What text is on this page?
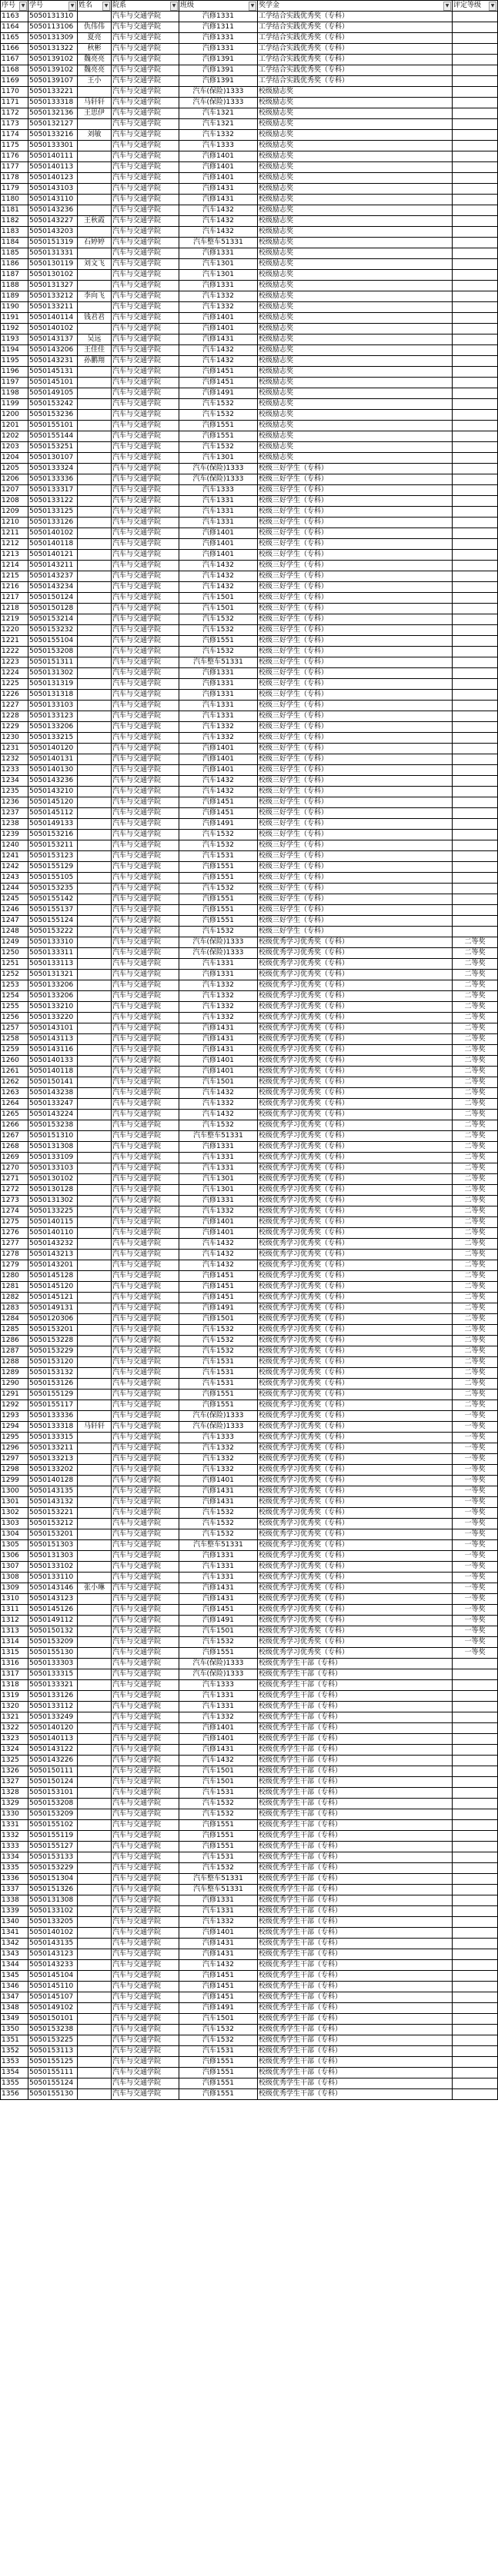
序号 ▼	学号 ▼	姓名 ▼	院系 ▼	班级 ▼	奖学金 ▼	评定等级 ▼

1163	5050131310		汽车与交通学院	汽修1331	工学结合实践优秀奖（专科）	
1164	5050113106	仇伟伟	汽车与交通学院	汽修1311	工学结合实践优秀奖（专科）	
1165	5050131309	夏亮	汽车与交通学院	汽修1331	工学结合实践优秀奖（专科）	
1166	5050131322	秋彬	汽车与交通学院	汽修1331	工学结合实践优秀奖（专科）	
1167	5050139102	魏亮亮	汽车与交通学院	汽修1391	工学结合实践优秀奖（专科）	
1168	5050139102	魏亮亮	汽车与交通学院	汽修1391	工学结合实践优秀奖（专科）	
1169	5050139107	王小	汽车与交通学院	汽修1391	工学结合实践优秀奖（专科）	
1170	5050133221		汽车与交通学院	汽车(保险)1333	校级励志奖	
1171	5050133318	马轩轩	汽车与交通学院	汽车(保险)1333	校级励志奖	
1172	5050132136	王思伊	汽车与交通学院	汽车1321	校级励志奖	
1173	5050132127		汽车与交通学院	汽车1321	校级励志奖	
1174	5050133216	刘敏	汽车与交通学院	汽车1332	校级励志奖	
1175	5050133301		汽车与交通学院	汽车1333	校级励志奖	
1176	5050140111		汽车与交通学院	汽修1401	校级励志奖	
1177	5050140113		汽车与交通学院	汽修1401	校级励志奖	
1178	5050140123		汽车与交通学院	汽修1401	校级励志奖	
1179	5050143103		汽车与交通学院	汽修1431	校级励志奖	
1180	5050143110		汽车与交通学院	汽修1431	校级励志奖	
1181	5050143236		汽车与交通学院	汽车1432	校级励志奖	
1182	5050143227	王秋霞	汽车与交通学院	汽车1432	校级励志奖	
1183	5050143203		汽车与交通学院	汽车1432	校级励志奖	
1184	5050151319	石婷婷	汽车与交通学院	汽车整车51331	校级励志奖	
1185	5050131331		汽车与交通学院	汽修1331	校级励志奖	
1186	5050130119	刘文飞	汽车与交通学院	汽车1301	校级励志奖	
1187	5050130102		汽车与交通学院	汽车1301	校级励志奖	
1188	5050131327		汽车与交通学院	汽修1331	校级励志奖	
1189	5050133212	李向飞	汽车与交通学院	汽车1332	校级励志奖	
1190	5050133211		汽车与交通学院	汽车1332	校级励志奖	
1191	5050140114	钱君君	汽车与交通学院	汽修1401	校级励志奖	
1192	5050140102		汽车与交通学院	汽修1401	校级励志奖	
1193	5050143137	吴远	汽车与交通学院	汽修1431	校级励志奖	
1194	5050143206	王佳佳	汽车与交通学院	汽车1432	校级励志奖	
1195	5050143231	孙鹏翔	汽车与交通学院	汽车1432	校级励志奖	
1196	5050145131		汽车与交通学院	汽修1451	校级励志奖	
1197	5050145101		汽车与交通学院	汽修1451	校级励志奖	
1198	5050149105		汽车与交通学院	汽修1491	校级励志奖	
1199	5050153242		汽车与交通学院	汽车1532	校级励志奖	
1200	5050153236		汽车与交通学院	汽车1532	校级励志奖	
1201	5050155101		汽车与交通学院	汽修1551	校级励志奖	
1202	5050155144		汽车与交通学院	汽修1551	校级励志奖	
1203	5050153251		汽车与交通学院	汽车1532	校级励志奖	
1204	5050130107		汽车与交通学院	汽车1301	校级励志奖	
1205	5050133324		汽车与交通学院	汽车(保险)1333	校级三好学生（专科）	
1206	5050133336		汽车与交通学院	汽车(保险)1333	校级三好学生（专科）	
1207	5050133317		汽车与交通学院	汽车1333	校级三好学生（专科）	
1208	5050133122		汽车与交通学院	汽车1331	校级三好学生（专科）	
1209	5050133125		汽车与交通学院	汽车1331	校级三好学生（专科）	
1210	5050133126		汽车与交通学院	汽车1331	校级三好学生（专科）	
1211	5050140102		汽车与交通学院	汽修1401	校级三好学生（专科）	
1212	5050140118		汽车与交通学院	汽修1401	校级三好学生（专科）	
1213	5050140121		汽车与交通学院	汽修1401	校级三好学生（专科）	
1214	5050143211		汽车与交通学院	汽车1432	校级三好学生（专科）	
1215	5050143237		汽车与交通学院	汽车1432	校级三好学生（专科）	
1216	5050143234		汽车与交通学院	汽车1432	校级三好学生（专科）	
1217	5050150124		汽车与交通学院	汽车1501	校级三好学生（专科）	
1218	5050150128		汽车与交通学院	汽车1501	校级三好学生（专科）	
1219	5050153214		汽车与交通学院	汽车1532	校级三好学生（专科）	
1220	5050153232		汽车与交通学院	汽车1532	校级三好学生（专科）	
1221	5050155104		汽车与交通学院	汽修1551	校级三好学生（专科）	
1222	5050153208		汽车与交通学院	汽车1532	校级三好学生（专科）	
1223	5050151311		汽车与交通学院	汽车整车51331	校级三好学生（专科）	
1224	5050131302		汽车与交通学院	汽修1331	校级三好学生（专科）	
1225	5050131319		汽车与交通学院	汽修1331	校级三好学生（专科）	
1226	5050131318		汽车与交通学院	汽修1331	校级三好学生（专科）	
1227	5050133103		汽车与交通学院	汽车1331	校级三好学生（专科）	
1228	5050133123		汽车与交通学院	汽车1331	校级三好学生（专科）	
1229	5050133206		汽车与交通学院	汽车1332	校级三好学生（专科）	
1230	5050133215		汽车与交通学院	汽车1332	校级三好学生（专科）	
1231	5050140120		汽车与交通学院	汽修1401	校级三好学生（专科）	
1232	5050140131		汽车与交通学院	汽修1401	校级三好学生（专科）	
1233	5050140130		汽车与交通学院	汽修1401	校级三好学生（专科）	
1234	5050143236		汽车与交通学院	汽车1432	校级三好学生（专科）	
1235	5050143210		汽车与交通学院	汽车1432	校级三好学生（专科）	
1236	5050145120		汽车与交通学院	汽修1451	校级三好学生（专科）	
1237	5050145112		汽车与交通学院	汽修1451	校级三好学生（专科）	
1238	5050149133		汽车与交通学院	汽修1491	校级三好学生（专科）	
1239	5050153216		汽车与交通学院	汽车1532	校级三好学生（专科）	
1240	5050153211		汽车与交通学院	汽车1532	校级三好学生（专科）	
1241	5050153123		汽车与交通学院	汽车1531	校级三好学生（专科）	
1242	5050155129		汽车与交通学院	汽修1551	校级三好学生（专科）	
1243	5050155105		汽车与交通学院	汽修1551	校级三好学生（专科）	
1244	5050153235		汽车与交通学院	汽车1532	校级三好学生（专科）	
1245	5050155142		汽车与交通学院	汽修1551	校级三好学生（专科）	
1246	5050155137		汽车与交通学院	汽修1551	校级三好学生（专科）	
1247	5050155124		汽车与交通学院	汽修1551	校级三好学生（专科）	
1248	5050153222		汽车与交通学院	汽车1532	校级三好学生（专科）	
1249	5050133310		汽车与交通学院	汽车(保险)1333	校级优秀学习优秀奖（专科）	二等奖
1250	5050133311		汽车与交通学院	汽车(保险)1333	校级优秀学习优秀奖（专科）	二等奖
1251	5050133113		汽车与交通学院	汽车1331	校级优秀学习优秀奖（专科）	二等奖
1252	5050131321		汽车与交通学院	汽修1331	校级优秀学习优秀奖（专科）	二等奖
1253	5050133206		汽车与交通学院	汽车1332	校级优秀学习优秀奖（专科）	二等奖
1254	5050133206		汽车与交通学院	汽车1332	校级优秀学习优秀奖（专科）	二等奖
1255	5050133210		汽车与交通学院	汽车1332	校级优秀学习优秀奖（专科）	二等奖
1256	5050133220		汽车与交通学院	汽车1332	校级优秀学习优秀奖（专科）	二等奖
1257	5050143101		汽车与交通学院	汽修1431	校级优秀学习优秀奖（专科）	二等奖
1258	5050143113		汽车与交通学院	汽修1431	校级优秀学习优秀奖（专科）	二等奖
1259	5050143116		汽车与交通学院	汽修1431	校级优秀学习优秀奖（专科）	二等奖
1260	5050140133		汽车与交通学院	汽修1401	校级优秀学习优秀奖（专科）	二等奖
1261	5050140118		汽车与交通学院	汽修1401	校级优秀学习优秀奖（专科）	二等奖
1262	5050150141		汽车与交通学院	汽车1501	校级优秀学习优秀奖（专科）	二等奖
1263	5050143238		汽车与交通学院	汽车1432	校级优秀学习优秀奖（专科）	二等奖
1264	5050133247		汽车与交通学院	汽车1332	校级优秀学习优秀奖（专科）	二等奖
1265	5050143224		汽车与交通学院	汽车1432	校级优秀学习优秀奖（专科）	二等奖
1266	5050153238		汽车与交通学院	汽车1532	校级优秀学习优秀奖（专科）	二等奖
1267	5050151310		汽车与交通学院	汽车整车51331	校级优秀学习优秀奖（专科）	二等奖
1268	5050131308		汽车与交通学院	汽修1331	校级优秀学习优秀奖（专科）	二等奖
1269	5050133109		汽车与交通学院	汽车1331	校级优秀学习优秀奖（专科）	二等奖
1270	5050133103		汽车与交通学院	汽车1331	校级优秀学习优秀奖（专科）	二等奖
1271	5050130102		汽车与交通学院	汽车1301	校级优秀学习优秀奖（专科）	二等奖
1272	5050130128		汽车与交通学院	汽车1301	校级优秀学习优秀奖（专科）	二等奖
1273	5050131302		汽车与交通学院	汽修1331	校级优秀学习优秀奖（专科）	二等奖
1274	5050133225		汽车与交通学院	汽车1332	校级优秀学习优秀奖（专科）	二等奖
1275	5050140115		汽车与交通学院	汽修1401	校级优秀学习优秀奖（专科）	二等奖
1276	5050140110		汽车与交通学院	汽修1401	校级优秀学习优秀奖（专科）	二等奖
1277	5050143232		汽车与交通学院	汽车1432	校级优秀学习优秀奖（专科）	二等奖
1278	5050143213		汽车与交通学院	汽车1432	校级优秀学习优秀奖（专科）	二等奖
1279	5050143201		汽车与交通学院	汽车1432	校级优秀学习优秀奖（专科）	二等奖
1280	5050145128		汽车与交通学院	汽修1451	校级优秀学习优秀奖（专科）	二等奖
1281	5050145120		汽车与交通学院	汽修1451	校级优秀学习优秀奖（专科）	二等奖
1282	5050145121		汽车与交通学院	汽修1451	校级优秀学习优秀奖（专科）	二等奖
1283	5050149131		汽车与交通学院	汽修1491	校级优秀学习优秀奖（专科）	二等奖
1284	5050120306		汽车与交通学院	汽修1501	校级优秀学习优秀奖（专科）	二等奖
1285	5050153201		汽车与交通学院	汽车1532	校级优秀学习优秀奖（专科）	二等奖
1286	5050153228		汽车与交通学院	汽车1532	校级优秀学习优秀奖（专科）	二等奖
1287	5050153229		汽车与交通学院	汽车1532	校级优秀学习优秀奖（专科）	二等奖
1288	5050153120		汽车与交通学院	汽车1531	校级优秀学习优秀奖（专科）	二等奖
1289	5050153132		汽车与交通学院	汽车1531	校级优秀学习优秀奖（专科）	二等奖
1290	5050153126		汽车与交通学院	汽车1531	校级优秀学习优秀奖（专科）	二等奖
1291	5050155129		汽车与交通学院	汽修1551	校级优秀学习优秀奖（专科）	二等奖
1292	5050155117		汽车与交通学院	汽修1551	校级优秀学习优秀奖（专科）	二等奖
1293	5050133336		汽车与交通学院	汽车(保险)1333	校级优秀学习优秀奖（专科）	一等奖
1294	5050133318	马轩轩	汽车与交通学院	汽车(保险)1333	校级优秀学习优秀奖（专科）	一等奖
1295	5050133315		汽车与交通学院	汽车1333	校级优秀学习优秀奖（专科）	一等奖
1296	5050133211		汽车与交通学院	汽车1332	校级优秀学习优秀奖（专科）	一等奖
1297	5050133213		汽车与交通学院	汽车1332	校级优秀学习优秀奖（专科）	一等奖
1298	5050133202		汽车与交通学院	汽车1332	校级优秀学习优秀奖（专科）	一等奖
1299	5050140128		汽车与交通学院	汽修1401	校级优秀学习优秀奖（专科）	一等奖
1300	5050143135		汽车与交通学院	汽修1431	校级优秀学习优秀奖（专科）	一等奖
1301	5050143132		汽车与交通学院	汽修1431	校级优秀学习优秀奖（专科）	一等奖
1302	5050153221		汽车与交通学院	汽车1532	校级优秀学习优秀奖（专科）	一等奖
1303	5050153212		汽车与交通学院	汽车1532	校级优秀学习优秀奖（专科）	一等奖
1304	5050153201		汽车与交通学院	汽车1532	校级优秀学习优秀奖（专科）	一等奖
1305	5050151303		汽车与交通学院	汽车整车51331	校级优秀学习优秀奖（专科）	一等奖
1306	5050131303		汽车与交通学院	汽修1331	校级优秀学习优秀奖（专科）	一等奖
1307	5050133102		汽车与交通学院	汽车1331	校级优秀学习优秀奖（专科）	一等奖
1308	5050133110		汽车与交通学院	汽车1331	校级优秀学习优秀奖（专科）	一等奖
1309	5050143146	张小琳	汽车与交通学院	汽修1431	校级优秀学习优秀奖（专科）	一等奖
1310	5050143123		汽车与交通学院	汽修1431	校级优秀学习优秀奖（专科）	一等奖
1311	5050145126		汽车与交通学院	汽修1451	校级优秀学习优秀奖（专科）	一等奖
1312	5050149112		汽车与交通学院	汽修1491	校级优秀学习优秀奖（专科）	一等奖
1313	5050150132		汽车与交通学院	汽车1501	校级优秀学习优秀奖（专科）	一等奖
1314	5050153209		汽车与交通学院	汽车1532	校级优秀学习优秀奖（专科）	一等奖
1315	5050155130		汽车与交通学院	汽修1551	校级优秀学习优秀奖（专科）	一等奖
1316	5050133303		汽车与交通学院	汽车(保险)1333	校级优秀学生干部（专科）	
1317	5050133315		汽车与交通学院	汽车(保险)1333	校级优秀学生干部（专科）	
1318	5050133321		汽车与交通学院	汽车1333	校级优秀学生干部（专科）	
1319	5050133126		汽车与交通学院	汽车1331	校级优秀学生干部（专科）	
1320	5050133112		汽车与交通学院	汽车1331	校级优秀学生干部（专科）	
1321	5050133249		汽车与交通学院	汽车1332	校级优秀学生干部（专科）	
1322	5050140120		汽车与交通学院	汽修1401	校级优秀学生干部（专科）	
1323	5050140113		汽车与交通学院	汽修1401	校级优秀学生干部（专科）	
1324	5050143122		汽车与交通学院	汽修1431	校级优秀学生干部（专科）	
1325	5050143226		汽车与交通学院	汽车1432	校级优秀学生干部（专科）	
1326	5050150111		汽车与交通学院	汽车1501	校级优秀学生干部（专科）	
1327	5050150124		汽车与交通学院	汽车1501	校级优秀学生干部（专科）	
1328	5050153101		汽车与交通学院	汽车1531	校级优秀学生干部（专科）	
1329	5050153208		汽车与交通学院	汽车1532	校级优秀学生干部（专科）	
1330	5050153209		汽车与交通学院	汽车1532	校级优秀学生干部（专科）	
1331	5050155102		汽车与交通学院	汽修1551	校级优秀学生干部（专科）	
1332	5050155119		汽车与交通学院	汽修1551	校级优秀学生干部（专科）	
1333	5050155127		汽车与交通学院	汽修1551	校级优秀学生干部（专科）	
1334	5050153133		汽车与交通学院	汽车1531	校级优秀学生干部（专科）	
1335	5050153229		汽车与交通学院	汽车1532	校级优秀学生干部（专科）	
1336	5050151304		汽车与交通学院	汽车整车51331	校级优秀学生干部（专科）	
1337	5050151326		汽车与交通学院	汽车整车51331	校级优秀学生干部（专科）	
1338	5050131308		汽车与交通学院	汽修1331	校级优秀学生干部（专科）	
1339	5050133102		汽车与交通学院	汽车1331	校级优秀学生干部（专科）	
1340	5050133205		汽车与交通学院	汽车1332	校级优秀学生干部（专科）	
1341	5050140102		汽车与交通学院	汽修1401	校级优秀学生干部（专科）	
1342	5050143135		汽车与交通学院	汽修1431	校级优秀学生干部（专科）	
1343	5050143123		汽车与交通学院	汽修1431	校级优秀学生干部（专科）	
1344	5050143233		汽车与交通学院	汽车1432	校级优秀学生干部（专科）	
1345	5050145104		汽车与交通学院	汽修1451	校级优秀学生干部（专科）	
1346	5050145110		汽车与交通学院	汽修1451	校级优秀学生干部（专科）	
1347	5050145107		汽车与交通学院	汽修1451	校级优秀学生干部（专科）	
1348	5050149102		汽车与交通学院	汽修1491	校级优秀学生干部（专科）	
1349	5050150101		汽车与交通学院	汽车1501	校级优秀学生干部（专科）	
1350	5050153238		汽车与交通学院	汽车1532	校级优秀学生干部（专科）	
1351	5050153225		汽车与交通学院	汽车1532	校级优秀学生干部（专科）	
1352	5050153113		汽车与交通学院	汽车1531	校级优秀学生干部（专科）	
1353	5050155125		汽车与交通学院	汽修1551	校级优秀学生干部（专科）	
1354	5050155111		汽车与交通学院	汽修1551	校级优秀学生干部（专科）	
1355	5050155124		汽车与交通学院	汽修1551	校级优秀学生干部（专科）	
1356	5050155130		汽车与交通学院	汽修1551	校级优秀学生干部（专科）	
